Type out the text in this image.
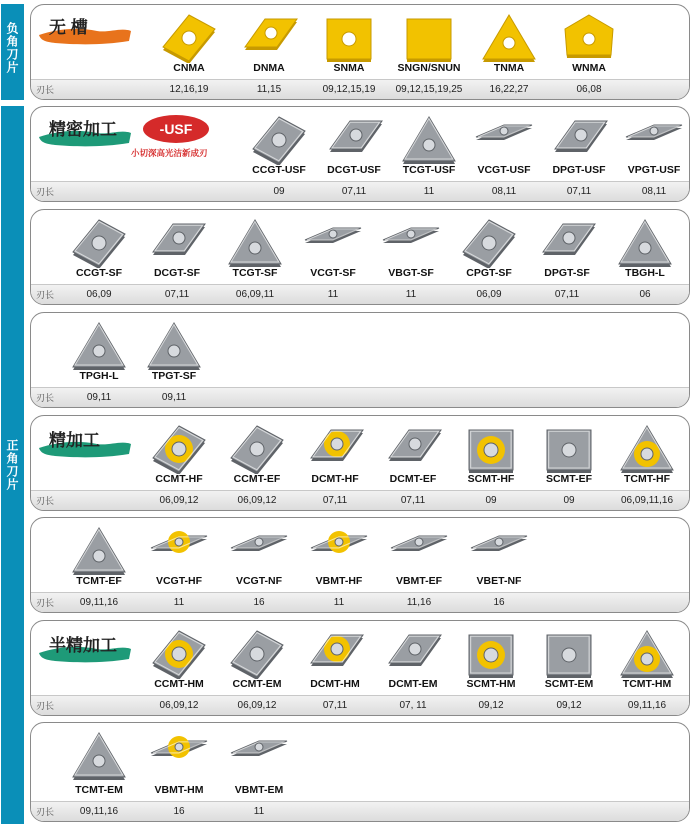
负角刀片
正角刀片
刃长
无 槽
CNMA
12,16,19
DNMA
11,15
SNMA
09,12,15,19
SNGN/SNUN
09,12,15,19,25
TNMA
16,22,27
WNMA
06,08
刃长
精密加工	-USF
小切深高光洁新成刃
CCGT-USF
09
DCGT-USF
07,11
TCGT-USF
11
VCGT-USF
08,11
DPGT-USF
07,11
VPGT-USF
08,11
刃长
CCGT-SF
06,09
DCGT-SF
07,11
TCGT-SF
06,09,11
VCGT-SF
11
VBGT-SF
11
CPGT-SF
06,09
DPGT-SF
07,11
TBGH-L
06
刃长
TPGH-L
09,11
TPGT-SF
09,11
刃长
精加工
CCMT-HF
06,09,12
CCMT-EF
06,09,12
DCMT-HF
07,11
DCMT-EF
07,11
SCMT-HF
09
SCMT-EF
09
TCMT-HF
06,09,11,16
刃长
TCMT-EF
09,11,16
VCGT-HF
11
VCGT-NF
16
VBMT-HF
11
VBMT-EF
11,16
VBET-NF
16
刃长
半精加工
CCMT-HM
06,09,12
CCMT-EM
06,09,12
DCMT-HM
07,11
DCMT-EM
07, 11
SCMT-HM
09,12
SCMT-EM
09,12
TCMT-HM
09,11,16
刃长
TCMT-EM
09,11,16
VBMT-HM
16
VBMT-EM
11
